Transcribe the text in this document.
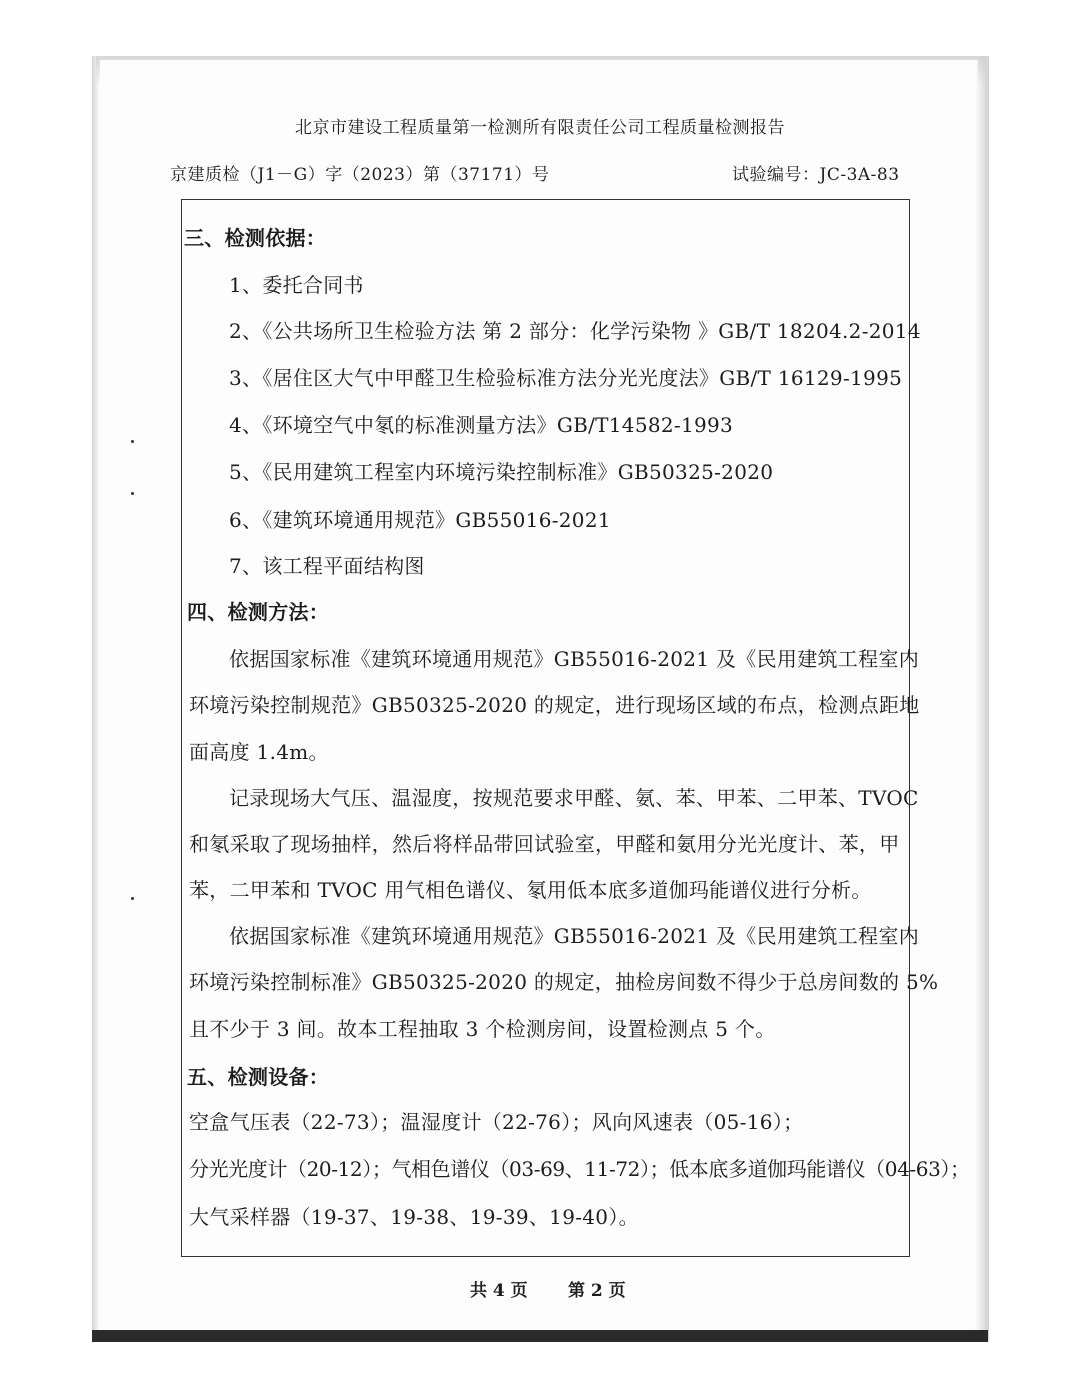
北京市建设工程质量第一检测所有限责任公司工程质量检测报告
京建质检（J1－G）字（2023）第（37171）号	试验编号：JC-3A-83
三、检测依据：
1、委托合同书
2、《公共场所卫生检验方法 第 2 部分：化学污染物 》GB/T 18204.2-2014
3、《居住区大气中甲醛卫生检验标准方法分光光度法》GB/T 16129-1995
4、《环境空气中氡的标准测量方法》GB/T14582-1993
5、《民用建筑工程室内环境污染控制标准》GB50325-2020
6、《建筑环境通用规范》GB55016-2021
7、该工程平面结构图
四、检测方法：
依据国家标准《建筑环境通用规范》GB55016-2021 及《民用建筑工程室内
环境污染控制规范》GB50325-2020 的规定，进行现场区域的布点，检测点距地
面高度 1.4m。
记录现场大气压、温湿度，按规范要求甲醛、氨、苯、甲苯、二甲苯、TVOC
和氡采取了现场抽样，然后将样品带回试验室，甲醛和氨用分光光度计、苯，甲
苯，二甲苯和 TVOC 用气相色谱仪、氡用低本底多道伽玛能谱仪进行分析。
依据国家标准《建筑环境通用规范》GB55016-2021 及《民用建筑工程室内
环境污染控制标准》GB50325-2020 的规定，抽检房间数不得少于总房间数的 5%
且不少于 3 间。故本工程抽取 3 个检测房间，设置检测点 5 个。
五、检测设备：
空盒气压表（22-73）；温湿度计（22-76）；风向风速表（05-16）；
分光光度计（20-12）；气相色谱仪（03-69、11-72）；低本底多道伽玛能谱仪（04-63）；
大气采样器（19-37、19-38、19-39、19-40）。
共 4 页 第 2 页
